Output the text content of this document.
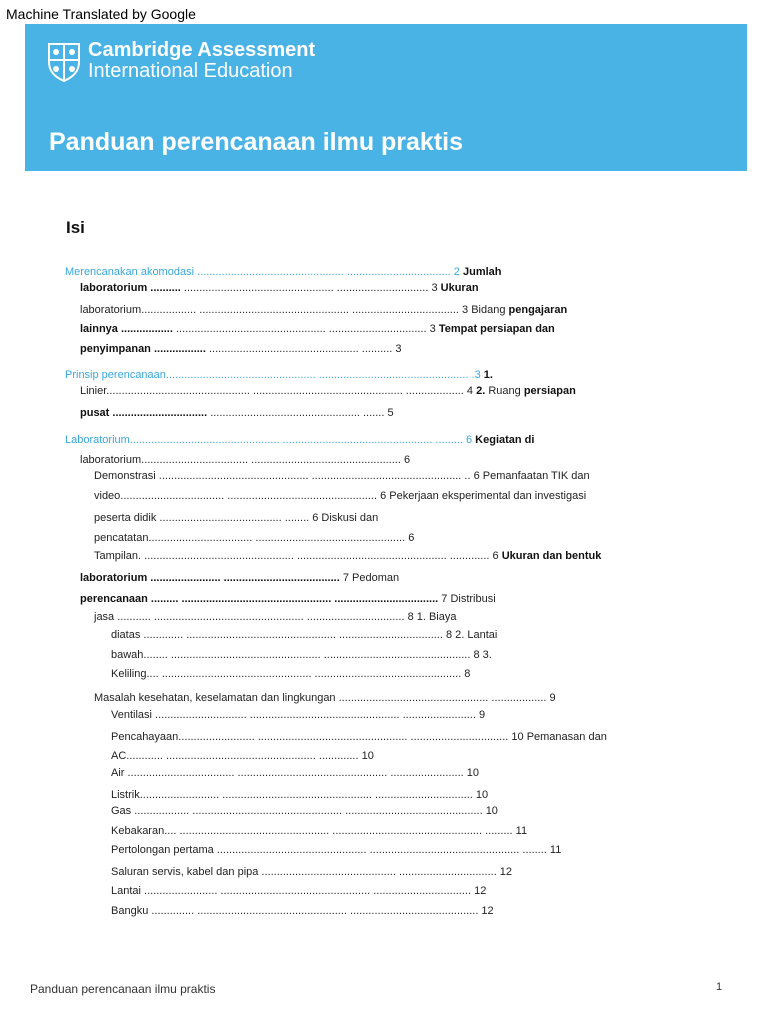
Machine Translated by Google
Cambridge Assessment
International Education
Panduan perencanaan ilmu praktis
Isi
Merencanakan akomodasi ................................................ .................................. 2 Jumlah
laboratorium .......... ................................................. .............................. 3 Ukuran
laboratorium.................. ................................................. ................................... 3 Bidang pengajaran
lainnya ................. ................................................. ................................ 3 Tempat persiapan dan
penyimpanan ................. ................................................. .......... 3
Prinsip perencanaan................................................. ................................................. .3 1.
Linier............................................... ................................................. ................... 4 2. Ruang persiapan
pusat ............................... ................................................. ....... 5
Laboratorium................................................. ................................................. ......... 6 Kegiatan di
laboratorium................................... ................................................. 6
Demonstrasi ................................................. ................................................. .. 6 Pemanfaatan TIK dan
video.................................. ................................................. 6 Pekerjaan eksperimental dan investigasi
peserta didik ........................................ ........ 6 Diskusi dan
pencatatan.................................. ................................................. 6
Tampilan. ................................................. ................................................. ............. 6 Ukuran dan bentuk
laboratorium ....................... ...................................... 7 Pedoman
perencanaan ......... ................................................. .................................. 7 Distribusi
jasa ........... ................................................. ................................ 8 1. Biaya
diatas ............. ................................................. .................................. 8 2. Lantai
bawah........ ................................................. ................................................ 8 3.
Keliling.... ................................................. ................................................ 8
Masalah kesehatan, keselamatan dan lingkungan ................................................. .................. 9
Ventilasi .............................. ................................................. ........................ 9
Pencahayaan......................... ................................................. ................................ 10 Pemanasan dan
AC............ ................................................. ............. 10
Air ................................... ................................................. ........................ 10
Listrik.......................... ................................................. ................................ 10
Gas .................. ................................................. ............................................. 10
Kebakaran.... ................................................. ................................................. ......... 11
Pertolongan pertama ................................................. ................................................. ........ 11
Saluran servis, kabel dan pipa ............................................ ................................ 12
Lantai ........................ ................................................. ................................ 12
Bangku .............. ................................................. .......................................... 12
Panduan perencanaan ilmu praktis	1
